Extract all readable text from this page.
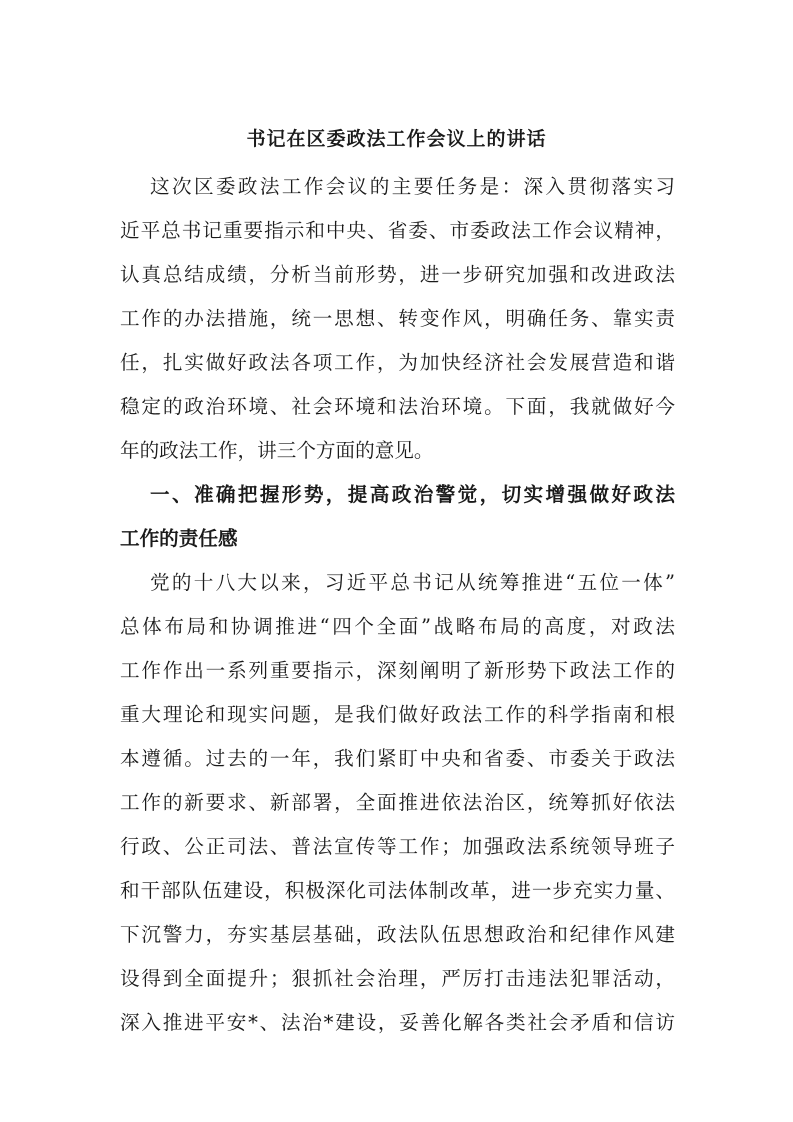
书记在区委政法工作会议上的讲话
这次区委政法工作会议的主要任务是：深入贯彻落实习
近平总书记重要指示和中央、省委、市委政法工作会议精神，
认真总结成绩，分析当前形势，进一步研究加强和改进政法
工作的办法措施，统一思想、转变作风，明确任务、靠实责
任，扎实做好政法各项工作，为加快经济社会发展营造和谐
稳定的政治环境、社会环境和法治环境。下面，我就做好今
年的政法工作，讲三个方面的意见。
一、准确把握形势，提高政治警觉，切实增强做好政法
工作的责任感
党的十八大以来，习近平总书记从统筹推进“五位一体”
总体布局和协调推进“四个全面”战略布局的高度，对政法
工作作出一系列重要指示，深刻阐明了新形势下政法工作的
重大理论和现实问题，是我们做好政法工作的科学指南和根
本遵循。过去的一年，我们紧盯中央和省委、市委关于政法
工作的新要求、新部署，全面推进依法治区，统筹抓好依法
行政、公正司法、普法宣传等工作；加强政法系统领导班子
和干部队伍建设，积极深化司法体制改革，进一步充实力量、
下沉警力，夯实基层基础，政法队伍思想政治和纪律作风建
设得到全面提升；狠抓社会治理，严厉打击违法犯罪活动，
深入推进平安*、法治*建设，妥善化解各类社会矛盾和信访
